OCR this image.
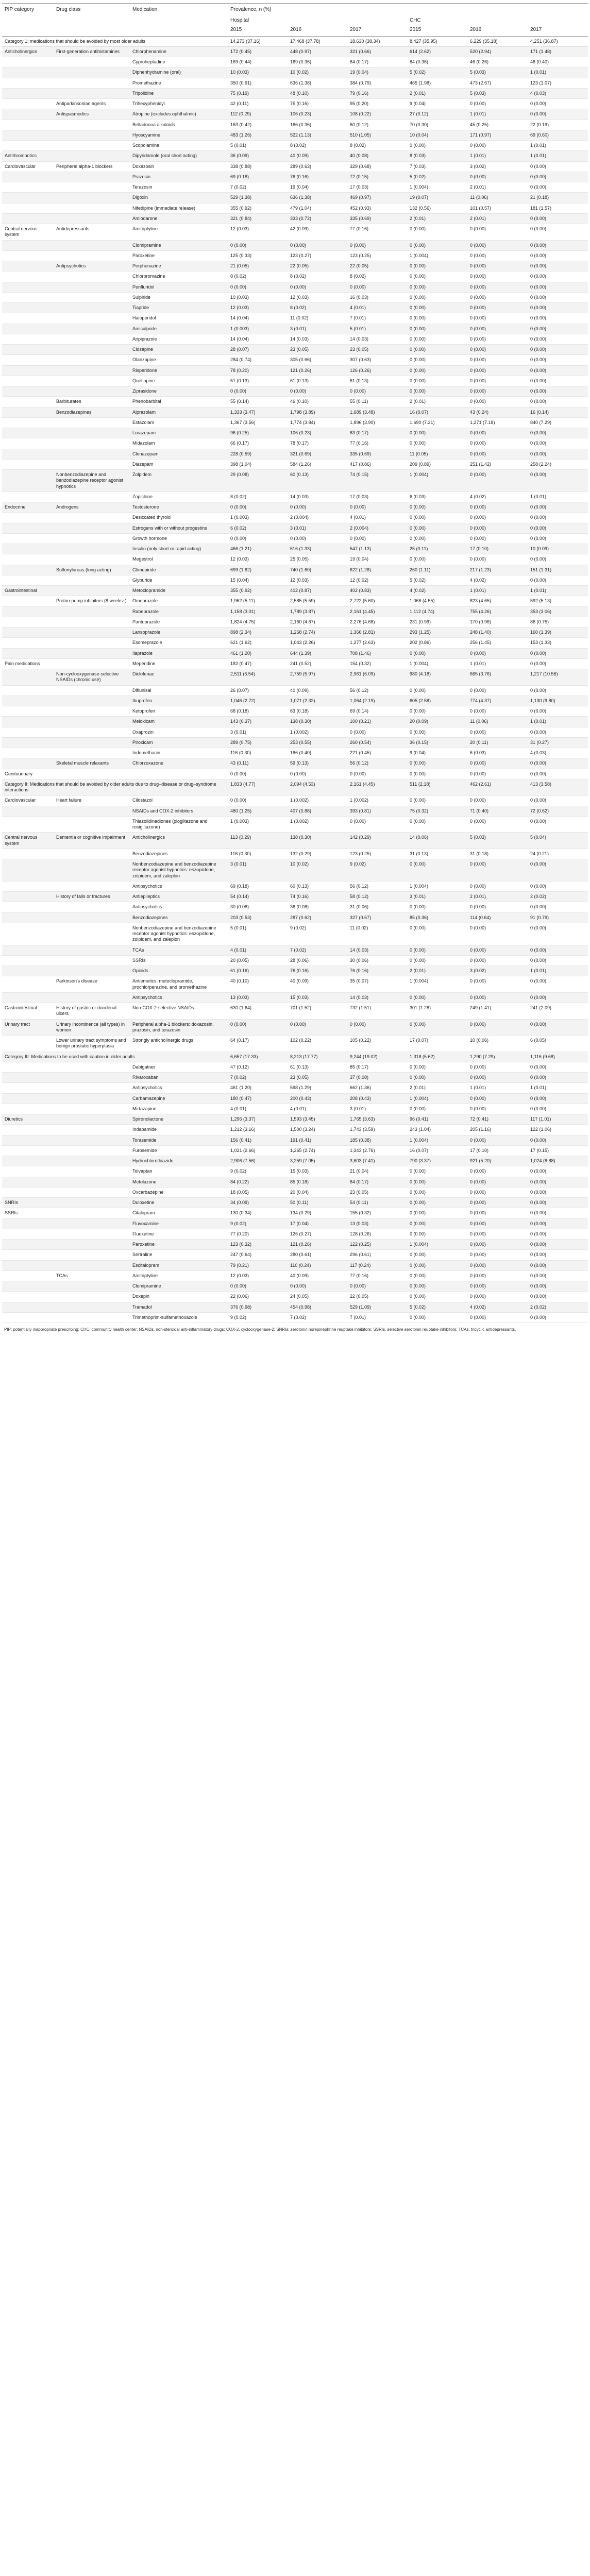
PIP category	Drug class	Medication	Prevalence, n (%)					
			Hospital			CHC		
			2015	2016	2017	2015	2016	2017
Category 1: medications that should be avoided by most older adults			14,273 (37.16)	17,468 (37.78)	18,630 (38.34)	8,427 (35.95)	6,229 (35.18)	4,251 (36.87)
Anticholinergics	First-generation antihistamines	Chlorphenamine	172 (0.45)	448 (0.97)	321 (0.66)	614 (2.62)	520 (2.94)	171 (1.48)
		Cyproheptadine	169 (0.44)	169 (0.36)	84 (0.17)	84 (0.36)	46 (0.26)	46 (0.40)
		Diphenhydramine (oral)	10 (0.03)	10 (0.02)	19 (0.04)	5 (0.02)	5 (0.03)	1 (0.01)
		Promethazine	350 (0.91)	636 (1.38)	384 (0.79)	465 (1.98)	473 (2.67)	123 (1.07)
		Tripolidine	75 (0.19)	48 (0.10)	79 (0.16)	2 (0.01)	5 (0.03)	4 (0.03)
	Antiparkinsonian agents	Trihexyphenidyl	42 (0.11)	75 (0.16)	95 (0.20)	9 (0.04)	0 (0.00)	0 (0.00)
	Antispasmodics	Atropine (excludes ophthalmic)	112 (0.29)	106 (0.23)	108 (0.22)	27 (0.12)	1 (0.01)	0 (0.00)
		Belladonna alkaloids	163 (0.42)	166 (0.36)	60 (0.12)	70 (0.30)	45 (0.25)	22 (0.19)
		Hyoscyamine	483 (1.26)	522 (1.13)	510 (1.05)	10 (0.04)	171 (0.97)	69 (0.60)
		Scopolamine	5 (0.01)	8 (0.02)	8 (0.02)	0 (0.00)	0 (0.00)	1 (0.01)
Antithrombotics		Dipyridamole (oral short acting)	36 (0.09)	40 (0.09)	40 (0.08)	8 (0.03)	1 (0.01)	1 (0.01)
Cardiovascular	Peripheral alpha-1 blockers	Doxazosin	338 (0.88)	289 (0.63)	329 (0.68)	7 (0.03)	3 (0.02)	0 (0.00)
		Prazosin	69 (0.18)	76 (0.16)	72 (0.15)	5 (0.02)	0 (0.00)	0 (0.00)
		Terazosin	7 (0.02)	19 (0.04)	17 (0.03)	1 (0.004)	2 (0.01)	0 (0.00)
		Digoxin	529 (1.38)	636 (1.38)	469 (0.97)	19 (0.07)	11 (0.06)	21 (0.18)
		Nifedipine (immediate release)	355 (0.92)	479 (1.04)	452 (0.93)	132 (0.56)	101 (0.57)	181 (1.57)
		Amiodarone	321 (0.84)	333 (0.72)	335 (0.69)	2 (0.01)	2 (0.01)	0 (0.00)
Central nervous system	Antidepressants	Amitriptyline	12 (0.03)	42 (0.09)	77 (0.16)	0 (0.00)	0 (0.00)	0 (0.00)
		Clomipramine	0 (0.00)	0 (0.00)	0 (0.00)	0 (0.00)	0 (0.00)	0 (0.00)
		Paroxetine	125 (0.33)	123 (0.27)	123 (0.25)	1 (0.004)	0 (0.00)	0 (0.00)
	Antipsychotics	Perphenazine	21 (0.05)	22 (0.05)	22 (0.05)	0 (0.00)	0 (0.00)	0 (0.00)
		Chlorpromazine	8 (0.02)	8 (0.02)	8 (0.02)	0 (0.00)	0 (0.00)	0 (0.00)
		Penfluridol	0 (0.00)	0 (0.00)	0 (0.00)	0 (0.00)	0 (0.00)	0 (0.00)
		Sulpiride	10 (0.03)	12 (0.03)	16 (0.03)	0 (0.00)	0 (0.00)	0 (0.00)
		Tiapride	12 (0.03)	8 (0.02)	4 (0.01)	0 (0.00)	0 (0.00)	0 (0.00)
		Haloperidol	14 (0.04)	11 (0.02)	7 (0.01)	0 (0.00)	0 (0.00)	0 (0.00)
		Amisulpride	1 (0.003)	3 (0.01)	5 (0.01)	0 (0.00)	0 (0.00)	0 (0.00)
		Aripiprazole	14 (0.04)	14 (0.03)	14 (0.03)	0 (0.00)	0 (0.00)	0 (0.00)
		Clozapine	28 (0.07)	23 (0.05)	23 (0.05)	0 (0.00)	0 (0.00)	0 (0.00)
		Olanzapine	284 (0.74)	305 (0.66)	307 (0.63)	0 (0.00)	0 (0.00)	0 (0.00)
		Risperidone	78 (0.20)	121 (0.26)	126 (0.26)	0 (0.00)	0 (0.00)	0 (0.00)
		Quetiapine	51 (0.13)	61 (0.13)	61 (0.13)	0 (0.00)	0 (0.00)	0 (0.00)
		Ziprasidone	0 (0.00)	0 (0.00)	0 (0.00)	0 (0.00)	0 (0.00)	0 (0.00)
	Barbiturates	Phenobarbital	55 (0.14)	46 (0.10)	55 (0.11)	2 (0.01)	0 (0.00)	0 (0.00)
	Benzodiazepines	Alprazolam	1,333 (3.47)	1,798 (3.89)	1,689 (3.48)	16 (0.07)	43 (0.24)	16 (0.14)
		Estazolam	1,367 (3.56)	1,774 (3.84)	1,896 (3.90)	1,690 (7.21)	1,271 (7.18)	840 (7.29)
		Lorazepam	96 (0.25)	106 (0.23)	83 (0.17)	0 (0.00)	0 (0.00)	0 (0.00)
		Midazolam	66 (0.17)	78 (0.17)	77 (0.16)	0 (0.00)	0 (0.00)	0 (0.00)
		Clonazepam	228 (0.59)	321 (0.69)	335 (0.69)	11 (0.05)	0 (0.00)	0 (0.00)
		Diazepam	398 (1.04)	584 (1.26)	417 (0.86)	209 (0.89)	251 (1.42)	258 (2.24)
	Nonbenzodiazepine and benzodiazepine receptor agonist hypnotics	Zolpidem	29 (0.08)	60 (0.13)	74 (0.15)	1 (0.004)	0 (0.00)	0 (0.00)
		Zopiclone	8 (0.02)	14 (0.03)	17 (0.03)	6 (0.03)	4 (0.02)	1 (0.01)
Endocrine	Androgens	Testosterone	0 (0.00)	0 (0.00)	0 (0.00)	0 (0.00)	0 (0.00)	0 (0.00)
		Desiccated thyroid	1 (0.003)	2 (0.004)	4 (0.01)	0 (0.00)	0 (0.00)	0 (0.00)
		Estrogens with or without progestins	6 (0.02)	3 (0.01)	2 (0.004)	0 (0.00)	0 (0.00)	0 (0.00)
		Growth hormone	0 (0.00)	0 (0.00)	0 (0.00)	0 (0.00)	0 (0.00)	0 (0.00)
		Insulin (only short or rapid acting)	466 (1.21)	616 (1.33)	547 (1.13)	25 (0.11)	17 (0.10)	10 (0.09)
		Megestrol	12 (0.03)	25 (0.05)	19 (0.04)	0 (0.00)	0 (0.00)	0 (0.00)
	Sulfonylureas (long acting)	Glimepiride	699 (1.82)	740 (1.60)	622 (1.28)	260 (1.11)	217 (1.23)	151 (1.31)
		Glyburide	15 (0.04)	12 (0.03)	12 (0.02)	5 (0.02)	4 (0.02)	0 (0.00)
Gastrointestinal		Metoclopramide	355 (0.92)	402 (0.87)	402 (0.83)	4 (0.02)	1 (0.01)	1 (0.01)
	Proton-pump inhibitors (8 weeks↑)	Omeprazole	1,962 (5.11)	2,585 (5.59)	2,722 (5.60)	1,066 (4.55)	823 (4.65)	592 (5.13)
		Rabeprazole	1,158 (3.01)	1,789 (3.87)	2,161 (4.45)	1,112 (4.74)	755 (4.26)	353 (3.06)
		Pantoprazole	1,824 (4.75)	2,160 (4.67)	2,276 (4.68)	231 (0.99)	170 (0.96)	86 (0.75)
		Lansoprazole	898 (2.34)	1,268 (2.74)	1,366 (2.81)	293 (1.25)	248 (1.40)	160 (1.39)
		Esomeprazole	621 (1.62)	1,043 (2.26)	1,277 (2.63)	202 (0.86)	256 (1.45)	153 (1.33)
		Ilaprazole	461 (1.20)	644 (1.39)	708 (1.46)	0 (0.00)	0 (0.00)	0 (0.00)
Pain medications		Meperidine	182 (0.47)	241 (0.52)	154 (0.32)	1 (0.004)	1 (0.01)	0 (0.00)
	Non-cyclooxygenase-selective NSAIDs (chronic use)	Diclofenac	2,511 (6.54)	2,759 (5.97)	2,961 (6.09)	980 (4.18)	665 (3.76)	1,217 (10.56)
		Diflunisal	26 (0.07)	40 (0.09)	56 (0.12)	0 (0.00)	0 (0.00)	0 (0.00)
		Ibuprofen	1,046 (2.72)	1,071 (2.32)	1,064 (2.19)	605 (2.58)	774 (4.37)	1,130 (9.80)
		Ketoprofen	68 (0.18)	83 (0.18)	69 (0.14)	0 (0.00)	0 (0.00)	0 (0.00)
		Meloxicam	143 (0.37)	138 (0.30)	100 (0.21)	20 (0.09)	11 (0.06)	1 (0.01)
		Oxaprozin	3 (0.01)	1 (0.002)	0 (0.00)	0 (0.00)	0 (0.00)	0 (0.00)
		Piroxicam	289 (0.75)	253 (0.55)	260 (0.54)	36 (0.15)	20 (0.11)	31 (0.27)
		Indomethacin	116 (0.30)	186 (0.40)	221 (0.45)	9 (0.04)	6 (0.03)	4 (0.03)
	Skeletal muscle relaxants	Chlorzoxazone	43 (0.11)	59 (0.13)	56 (0.12)	0 (0.00)	0 (0.00)	0 (0.00)
Genitourinary			0 (0.00)	0 (0.00)	0 (0.00)	0 (0.00)	0 (0.00)	0 (0.00)
Category II: Medications that should be avoided by older adults due to drug–disease or drug–syndrome interactions			1,833 (4.77)	2,094 (4.53)	2,161 (4.45)	511 (2.18)	462 (2.61)	413 (3.58)
Cardiovascular	Heart failure	Cilostazol	0 (0.00)	1 (0.002)	1 (0.002)	0 (0.00)	0 (0.00)	0 (0.00)
		NSAIDs and COX-2 inhibitors	480 (1.25)	407 (0.88)	393 (0.81)	75 (0.32)	71 (0.40)	72 (0.62)
		Thiazolidinediones (pioglitazone and rosiglitazone)	1 (0.003)	1 (0.002)	0 (0.00)	0 (0.00)	0 (0.00)	0 (0.00)
Central nervous system	Dementia or cognitive impairment	Anticholinergics	113 (0.29)	138 (0.30)	142 (0.29)	14 (0.06)	5 (0.03)	5 (0.04)
		Benzodiazepines	116 (0.30)	132 (0.29)	123 (0.25)	31 (0.13)	31 (0.18)	24 (0.21)
		Nonbenzodiazepine and benzodiazepine receptor agonist hypnotics: eszopiclone, zolpidem, and zaleplon	3 (0.01)	10 (0.02)	9 (0.02)	0 (0.00)	0 (0.00)	0 (0.00)
		Antipsychotics	69 (0.18)	60 (0.13)	56 (0.12)	1 (0.004)	0 (0.00)	0 (0.00)
	History of falls or fractures	Antiepileptics	54 (0.14)	74 (0.16)	58 (0.12)	3 (0.01)	2 (0.01)	2 (0.02)
		Antipsychotics	30 (0.08)	36 (0.08)	31 (0.06)	0 (0.00)	0 (0.00)	0 (0.00)
		Benzodiazepines	203 (0.53)	287 (0.62)	327 (0.67)	85 (0.36)	114 (0.64)	91 (0.79)
		Nonbenzodiazepine and benzodiazepine receptor agonist hypnotics: eszopiclone, zolpidem, and zaleplon	5 (0.01)	9 (0.02)	11 (0.02)	0 (0.00)	0 (0.00)	0 (0.00)
		TCAs	4 (0.01)	7 (0.02)	14 (0.03)	0 (0.00)	0 (0.00)	0 (0.00)
		SSRIs	20 (0.05)	28 (0.06)	30 (0.06)	0 (0.00)	0 (0.00)	0 (0.00)
		Opioids	61 (0.16)	76 (0.16)	76 (0.16)	2 (0.01)	3 (0.02)	1 (0.01)
	Parkinson's disease	Antiemetics: metoclopramide, prochlorperazine, and promethazine	40 (0.10)	40 (0.09)	35 (0.07)	1 (0.004)	0 (0.00)	0 (0.00)
		Antipsychotics	13 (0.03)	15 (0.03)	14 (0.03)	0 (0.00)	0 (0.00)	0 (0.00)
Gastrointestinal	History of gastric or duodenal ulcers	Non-COX-2-selective NSAIDs	630 (1.64)	701 (1.52)	732 (1.51)	301 (1.28)	249 (1.41)	241 (2.09)
Urinary tract	Urinary incontinence (all types) in women	Peripheral alpha-1 blockers: doxazosin, prazosin, and terazosin	0 (0.00)	0 (0.00)	0 (0.00)	0 (0.00)	0 (0.00)	0 (0.00)
	Lower urinary tract symptoms and benign prostatic hyperplasia	Strongly anticholinergic drugs	64 (0.17)	102 (0.22)	105 (0.22)	17 (0.07)	10 (0.06)	6 (0.05)
Category III: Medications to be used with caution in older adults			6,657 (17.33)	8,213 (17.77)	9,244 (19.02)	1,318 (5.62)	1,290 (7.29)	1,116 (9.68)
		Dabigatran	47 (0.12)	61 (0.13)	85 (0.17)	0 (0.00)	0 (0.00)	0 (0.00)
		Rivaroxaban	7 (0.02)	23 (0.05)	37 (0.08)	0 (0.00)	0 (0.00)	0 (0.00)
		Antipsychotics	461 (1.20)	598 (1.29)	662 (1.36)	2 (0.01)	1 (0.01)	1 (0.01)
		Carbamazepine	180 (0.47)	200 (0.43)	208 (0.43)	1 (0.004)	0 (0.00)	0 (0.00)
		Mirtazapine	4 (0.01)	4 (0.01)	3 (0.01)	0 (0.00)	0 (0.00)	0 (0.00)
Diuretics		Spironolactone	1,296 (3.37)	1,593 (3.45)	1,765 (3.63)	96 (0.41)	72 (0.41)	117 (1.01)
		Indapamide	1,212 (3.16)	1,500 (3.24)	1,743 (3.59)	243 (1.04)	205 (1.16)	122 (1.06)
		Torasemide	156 (0.41)	191 (0.41)	185 (0.38)	1 (0.004)	0 (0.00)	0 (0.00)
		Furosemide	1,021 (2.66)	1,265 (2.74)	1,343 (2.76)	16 (0.07)	17 (0.10)	17 (0.15)
		Hydrochlorothiazide	2,906 (7.56)	3,259 (7.05)	3,603 (7.41)	790 (3.37)	921 (5.20)	1,024 (8.88)
		Tolvaptan	9 (0.02)	15 (0.03)	21 (0.04)	0 (0.00)	0 (0.00)	0 (0.00)
		Metolazone	84 (0.22)	85 (0.18)	84 (0.17)	0 (0.00)	0 (0.00)	0 (0.00)
		Oxcarbazepine	18 (0.05)	20 (0.04)	23 (0.05)	0 (0.00)	0 (0.00)	0 (0.00)
SNRIs		Duloxetine	34 (0.09)	50 (0.11)	54 (0.11)	0 (0.00)	0 (0.00)	0 (0.00)
SSRIs		Citalopram	130 (0.34)	134 (0.29)	155 (0.32)	0 (0.00)	0 (0.00)	0 (0.00)
		Fluvoxamine	9 (0.02)	17 (0.04)	13 (0.03)	0 (0.00)	0 (0.00)	0 (0.00)
		Fluoxetine	77 (0.20)	126 (0.27)	128 (0.26)	0 (0.00)	0 (0.00)	0 (0.00)
		Paroxetine	123 (0.32)	121 (0.26)	122 (0.25)	1 (0.004)	0 (0.00)	0 (0.00)
		Sertraline	247 (0.64)	280 (0.61)	296 (0.61)	0 (0.00)	0 (0.00)	0 (0.00)
		Escitalopram	79 (0.21)	110 (0.24)	117 (0.24)	0 (0.00)	0 (0.00)	0 (0.00)
	TCAs	Amitriptyline	12 (0.03)	40 (0.09)	77 (0.16)	0 (0.00)	0 (0.00)	0 (0.00)
		Clomipramine	0 (0.00)	0 (0.00)	0 (0.00)	0 (0.00)	0 (0.00)	0 (0.00)
		Doxepin	22 (0.06)	24 (0.05)	22 (0.05)	0 (0.00)	0 (0.00)	0 (0.00)
		Tramadol	376 (0.98)	454 (0.98)	529 (1.09)	5 (0.02)	4 (0.02)	2 (0.02)
		Trimethoprim-sulfamethoxazole	9 (0.02)	7 (0.02)	7 (0.01)	0 (0.00)	0 (0.00)	0 (0.00)
PIP: potentially inappropriate prescribing; CHC: community health center; NSAIDs, non-steroidal anti-inflammatory drugs; COX-2, cyclooxygenase-2; SNRIs: serotonin norepinephrine reuptake inhibitors; SSRIs, selective serotonin reuptake inhibitors; TCAs, tricyclic antidepressants.
